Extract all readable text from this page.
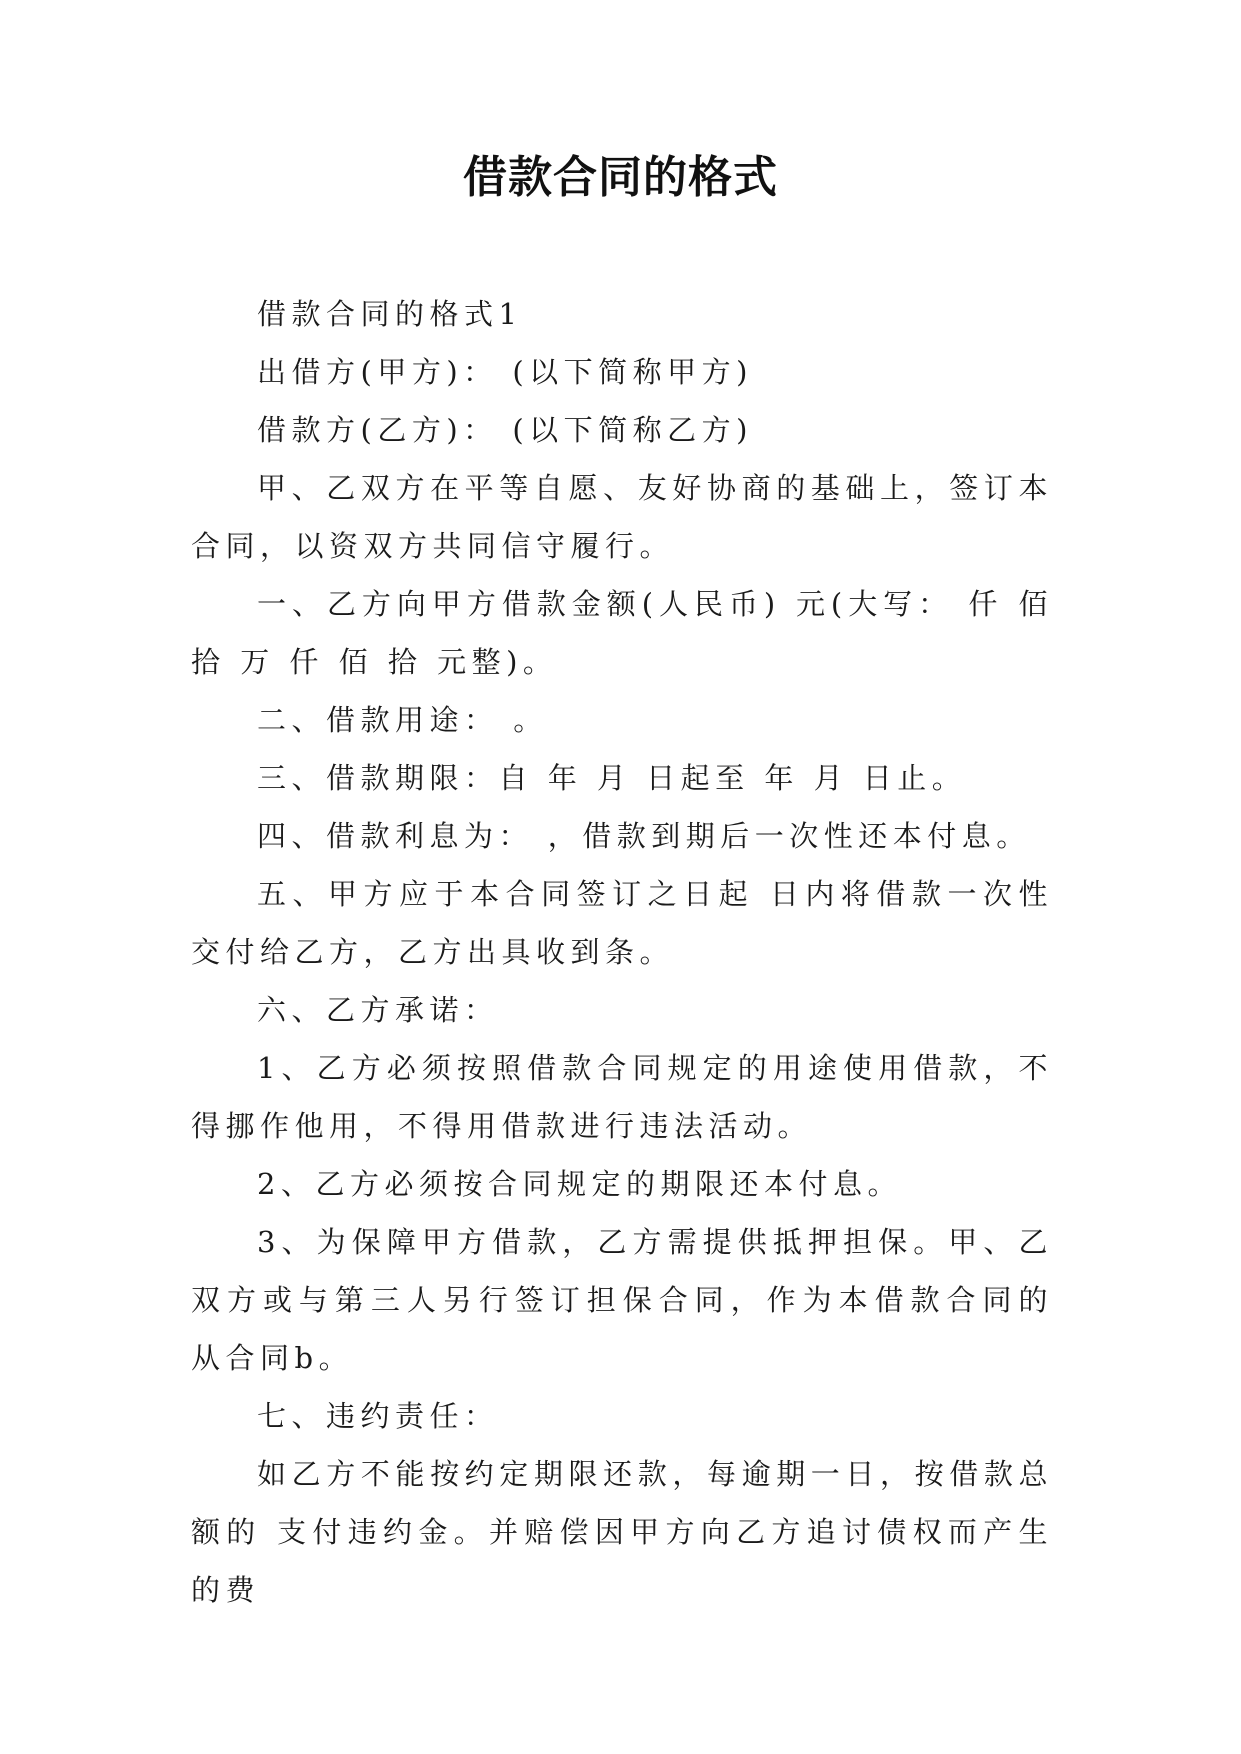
借款合同的格式

借款合同的格式1

出借方(甲方)： (以下简称甲方)

借款方(乙方)： (以下简称乙方)

甲、乙双方在平等自愿、友好协商的基础上，签订本合同，以资双方共同信守履行。

一、乙方向甲方借款金额(人民币) 元(大写： 仟 佰 拾 万 仟 佰 拾 元整)。

二、借款用途： 。

三、借款期限：自 年 月 日起至 年 月 日止。

四、借款利息为： ，借款到期后一次性还本付息。

五、甲方应于本合同签订之日起 日内将借款一次性交付给乙方，乙方出具收到条。

六、乙方承诺：

1、乙方必须按照借款合同规定的用途使用借款，不得挪作他用，不得用借款进行违法活动。

2、乙方必须按合同规定的期限还本付息。

3、为保障甲方借款，乙方需提供抵押担保。甲、乙双方或与第三人另行签订担保合同，作为本借款合同的从合同b。

七、违约责任：

如乙方不能按约定期限还款，每逾期一日，按借款总额的 支付违约金。并赔偿因甲方向乙方追讨债权而产生的费
